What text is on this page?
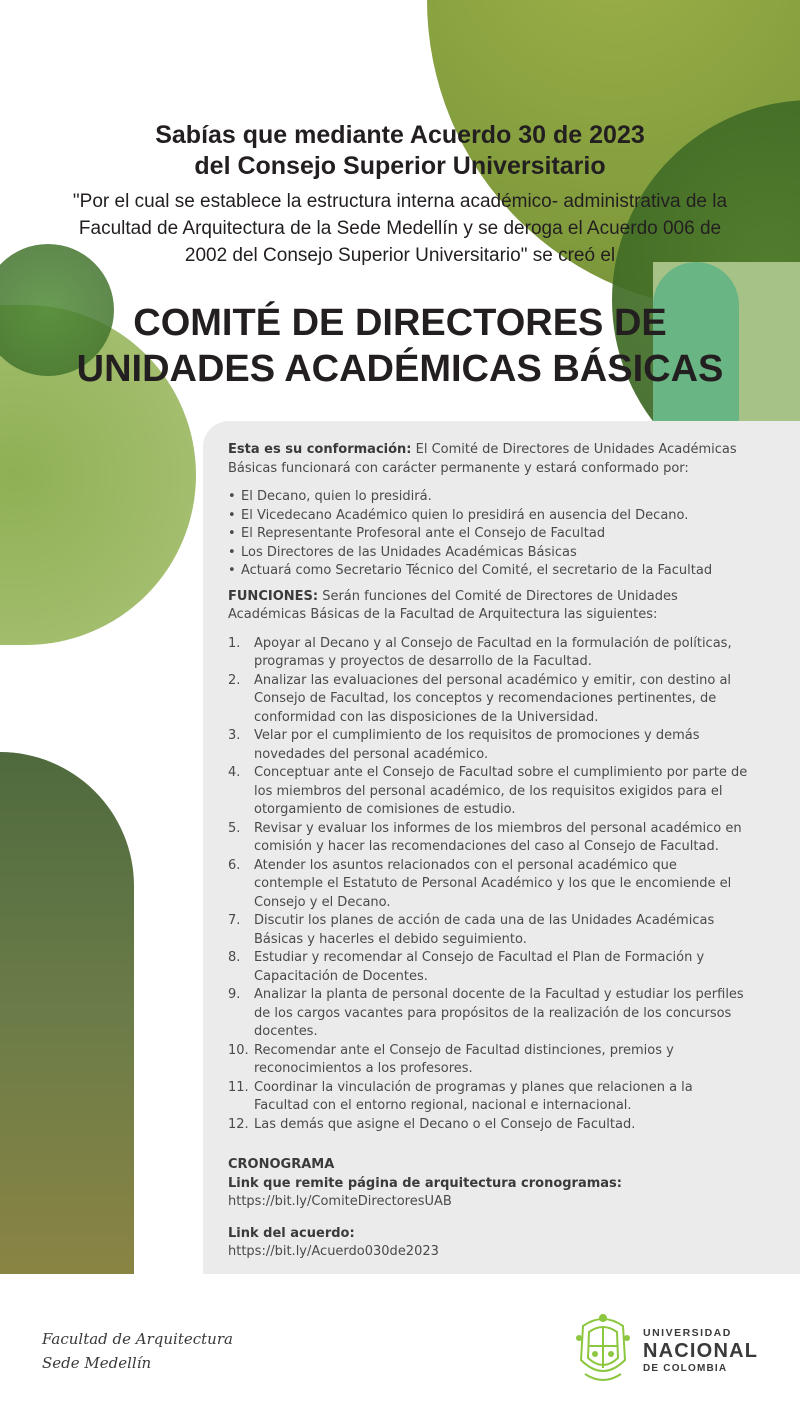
Sabías que mediante Acuerdo 30 de 2023
del Consejo Superior Universitario
"Por el cual se establece la estructura interna académico- administrativa de la Facultad de Arquitectura de la Sede Medellín y se deroga el Acuerdo 006 de 2002 del Consejo Superior Universitario" se creó el
COMITÉ DE DIRECTORES DE
UNIDADES ACADÉMICAS BÁSICAS

Esta es su conformación: El Comité de Directores de Unidades Académicas Básicas funcionará con carácter permanente y estará conformado por:

• El Decano, quien lo presidirá.
• El Vicedecano Académico quien lo presidirá en ausencia del Decano.
• El Representante Profesoral ante el Consejo de Facultad
• Los Directores de las Unidades Académicas Básicas
• Actuará como Secretario Técnico del Comité, el secretario de la Facultad

FUNCIONES: Serán funciones del Comité de Directores de Unidades Académicas Básicas de la Facultad de Arquitectura las siguientes:

1. Apoyar al Decano y al Consejo de Facultad en la formulación de políticas, programas y proyectos de desarrollo de la Facultad.
2. Analizar las evaluaciones del personal académico y emitir, con destino al Consejo de Facultad, los conceptos y recomendaciones pertinentes, de conformidad con las disposiciones de la Universidad.
3. Velar por el cumplimiento de los requisitos de promociones y demás novedades del personal académico.
4. Conceptuar ante el Consejo de Facultad sobre el cumplimiento por parte de los miembros del personal académico, de los requisitos exigidos para el otorgamiento de comisiones de estudio.
5. Revisar y evaluar los informes de los miembros del personal académico en comisión y hacer las recomendaciones del caso al Consejo de Facultad.
6. Atender los asuntos relacionados con el personal académico que contemple el Estatuto de Personal Académico y los que le encomiende el Consejo y el Decano.
7. Discutir los planes de acción de cada una de las Unidades Académicas Básicas y hacerles el debido seguimiento.
8. Estudiar y recomendar al Consejo de Facultad el Plan de Formación y Capacitación de Docentes.
9. Analizar la planta de personal docente de la Facultad y estudiar los perfiles de los cargos vacantes para propósitos de la realización de los concursos docentes.
10. Recomendar ante el Consejo de Facultad distinciones, premios y reconocimientos a los profesores.
11. Coordinar la vinculación de programas y planes que relacionen a la Facultad con el entorno regional, nacional e internacional.
12. Las demás que asigne el Decano o el Consejo de Facultad.
CRONOGRAMA
Link que remite página de arquitectura cronogramas:
https://bit.ly/ComiteDirectoresUAB
Link del acuerdo:
https://bit.ly/Acuerdo030de2023
Facultad de Arquitectura
Sede Medellín
UNIVERSIDAD
NACIONAL
DE COLOMBIA
